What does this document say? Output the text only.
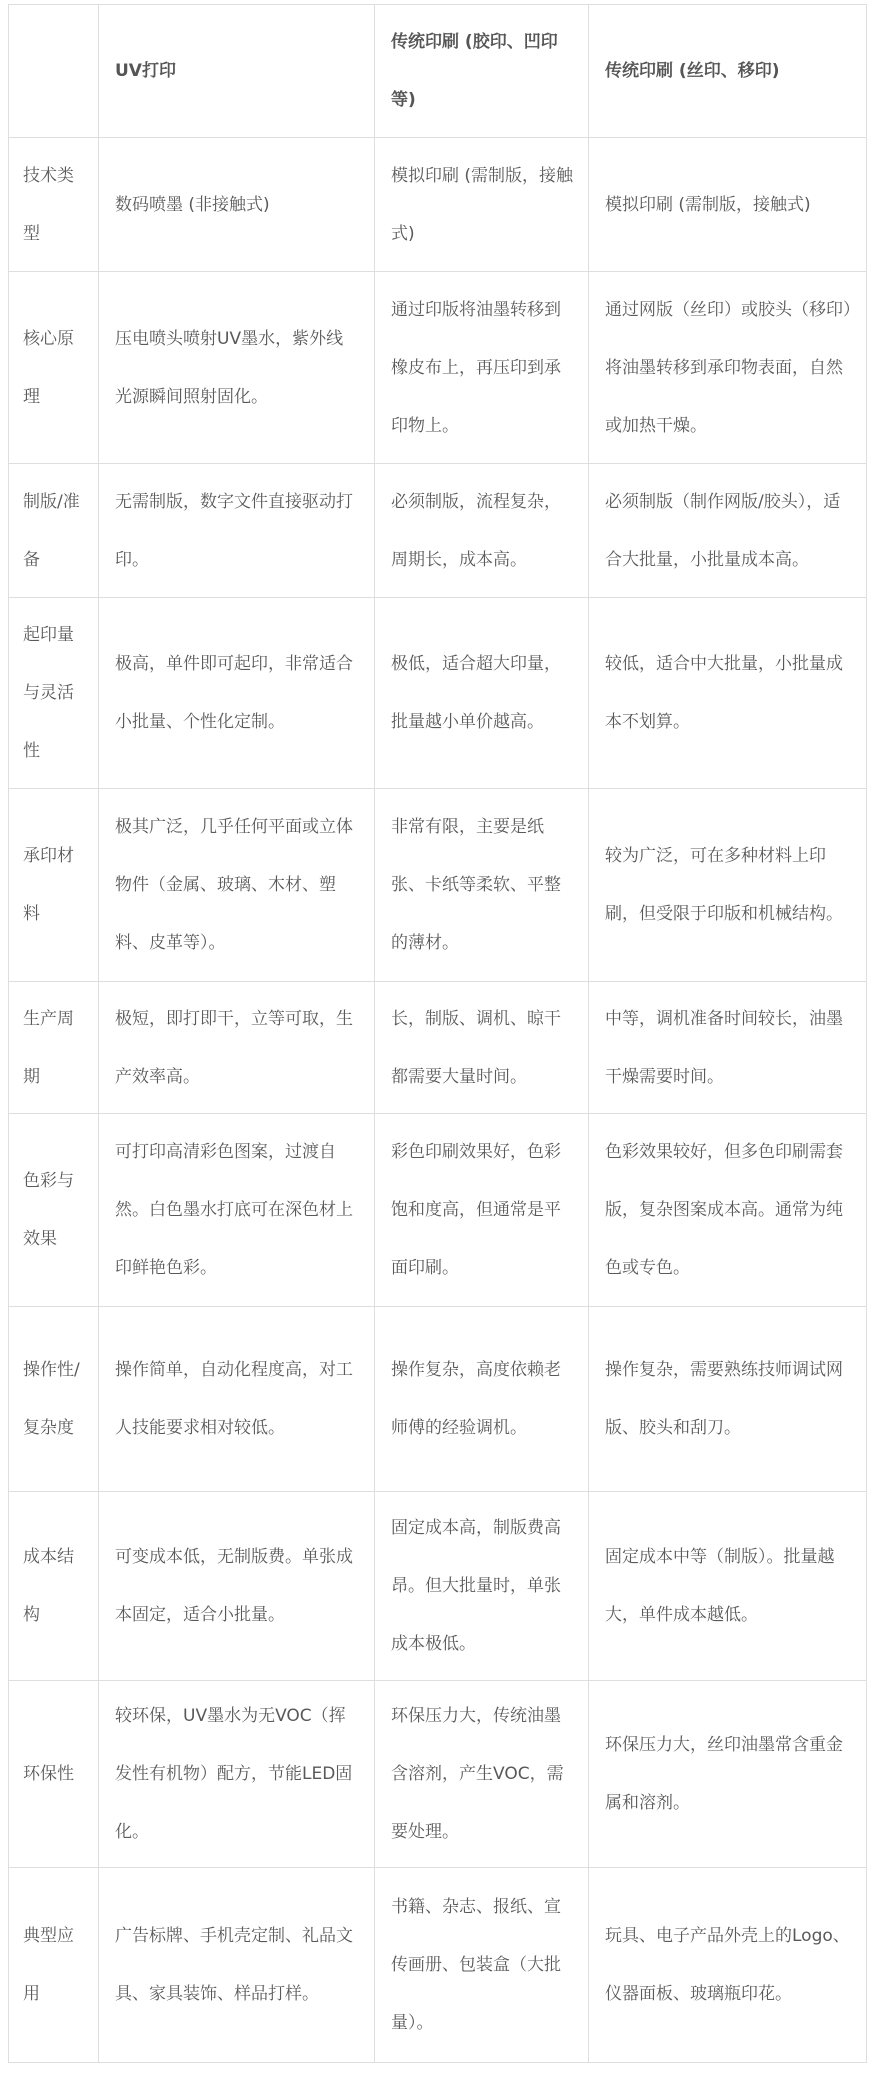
	UV打印	传统印刷 (胶印、凹印等)	传统印刷 (丝印、移印)
技术类型	数码喷墨 (非接触式)	模拟印刷 (需制版，接触式)	模拟印刷 (需制版，接触式)
核心原理	压电喷头喷射UV墨水，紫外线光源瞬间照射固化。	通过印版将油墨转移到橡皮布上，再压印到承印物上。	通过网版（丝印）或胶头（移印）将油墨转移到承印物表面，自然或加热干燥。
制版/准备	无需制版，数字文件直接驱动打印。	必须制版，流程复杂，周期长，成本高。	必须制版（制作网版/胶头），适合大批量，小批量成本高。
起印量与灵活性	极高，单件即可起印，非常适合小批量、个性化定制。	极低，适合超大印量，批量越小单价越高。	较低，适合中大批量，小批量成本不划算。
承印材料	极其广泛，几乎任何平面或立体物件（金属、玻璃、木材、塑料、皮革等）。	非常有限，主要是纸张、卡纸等柔软、平整的薄材。	较为广泛，可在多种材料上印刷，但受限于印版和机械结构。
生产周期	极短，即打即干，立等可取，生产效率高。	长，制版、调机、晾干都需要大量时间。	中等，调机准备时间较长，油墨干燥需要时间。
色彩与效果	可打印高清彩色图案，过渡自然。白色墨水打底可在深色材上印鲜艳色彩。	彩色印刷效果好，色彩饱和度高，但通常是平面印刷。	色彩效果较好，但多色印刷需套版，复杂图案成本高。通常为纯色或专色。
操作性/复杂度	操作简单，自动化程度高，对工人技能要求相对较低。	操作复杂，高度依赖老师傅的经验调机。	操作复杂，需要熟练技师调试网版、胶头和刮刀。
成本结构	可变成本低，无制版费。单张成本固定，适合小批量。	固定成本高，制版费高昂。但大批量时，单张成本极低。	固定成本中等（制版）。批量越大，单件成本越低。
环保性	较环保，UV墨水为无VOC（挥发性有机物）配方，节能LED固化。	环保压力大，传统油墨含溶剂，产生VOC，需要处理。	环保压力大，丝印油墨常含重金属和溶剂。
典型应用	广告标牌、手机壳定制、礼品文具、家具装饰、样品打样。	书籍、杂志、报纸、宣传画册、包装盒（大批量）。	玩具、电子产品外壳上的Logo、仪器面板、玻璃瓶印花。
